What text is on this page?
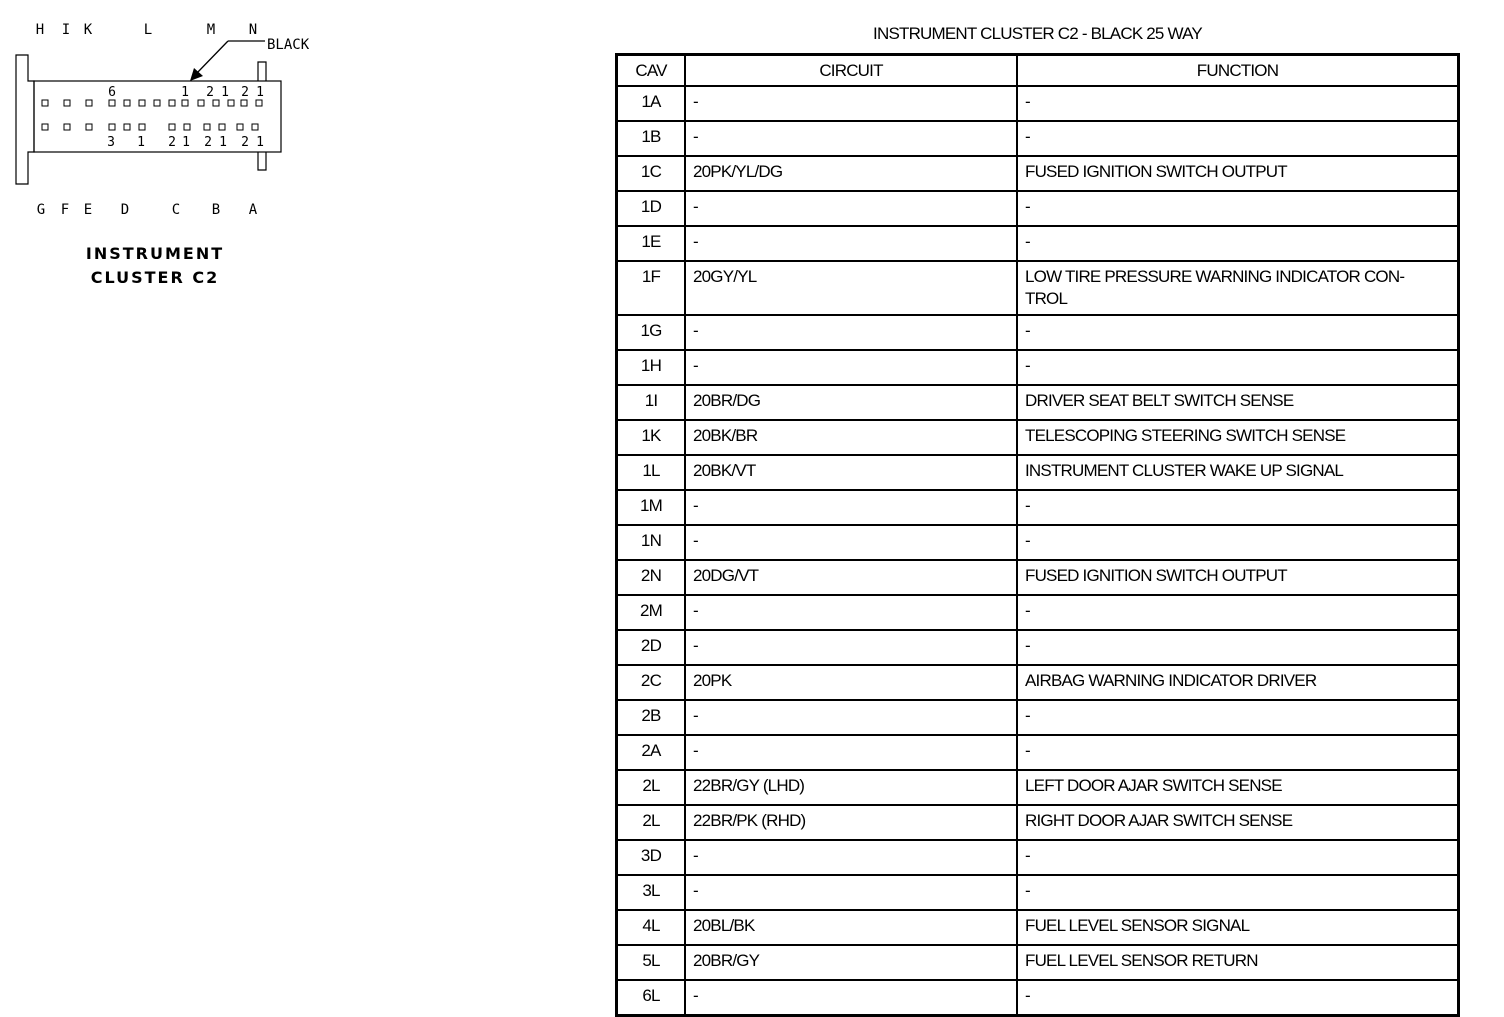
H I K	L	M N
BLACK
6	1 2 1 2 1
3 1 2 1 2 1 2 1
G F E D	C B A
INSTRUMENT
CLUSTER C2
INSTRUMENT CLUSTER C2 - BLACK 25 WAY
CAV	CIRCUIT	FUNCTION
1A	-	-

1B	-	-

1C	20PK/YL/DG	FUSED IGNITION SWITCH OUTPUT

1D	-	-

1E	-	-

1F	20GY/YL	LOW TIRE PRESSURE WARNING INDICATOR CON-
TROL

1G	-	-

1H	-	-

1I	20BR/DG	DRIVER SEAT BELT SWITCH SENSE

1K	20BK/BR	TELESCOPING STEERING SWITCH SENSE

1L	20BK/VT	INSTRUMENT CLUSTER WAKE UP SIGNAL

1M	-	-

1N	-	-

2N	20DG/VT	FUSED IGNITION SWITCH OUTPUT

2M	-	-

2D	-	-

2C	20PK	AIRBAG WARNING INDICATOR DRIVER

2B	-	-

2A	-	-

2L	22BR/GY (LHD)	LEFT DOOR AJAR SWITCH SENSE

2L	22BR/PK (RHD)	RIGHT DOOR AJAR SWITCH SENSE

3D	-	-

3L	-	-

4L	20BL/BK	FUEL LEVEL SENSOR SIGNAL

5L	20BR/GY	FUEL LEVEL SENSOR RETURN

6L	-	-
